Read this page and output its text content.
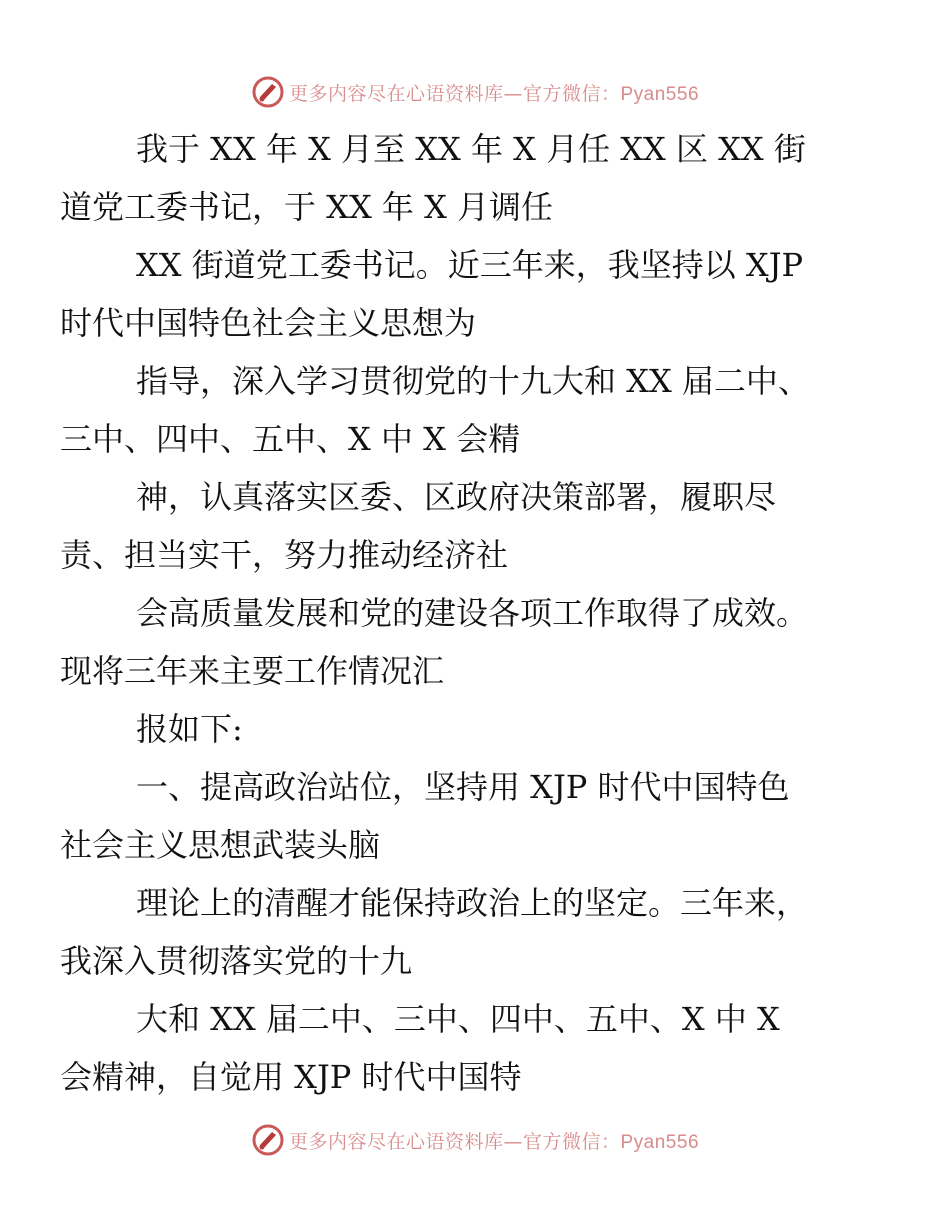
更多内容尽在心语资料库—官方微信：Pyan556

我于 XX 年 X 月至 XX 年 X 月任 XX 区 XX 街
道党工委书记，于 XX 年 X 月调任

XX 街道党工委书记。近三年来，我坚持以 XJP
时代中国特色社会主义思想为

指导，深入学习贯彻党的十九大和 XX 届二中、
三中、四中、五中、X 中 X 会精

神，认真落实区委、区政府决策部署，履职尽
责、担当实干，努力推动经济社

会高质量发展和党的建设各项工作取得了成效。
现将三年来主要工作情况汇

报如下:

一、提高政治站位，坚持用 XJP 时代中国特色
社会主义思想武装头脑

理论上的清醒才能保持政治上的坚定。三年来，
我深入贯彻落实党的十九

大和 XX 届二中、三中、四中、五中、X 中 X
会精神，自觉用 XJP 时代中国特

更多内容尽在心语资料库—官方微信：Pyan556
